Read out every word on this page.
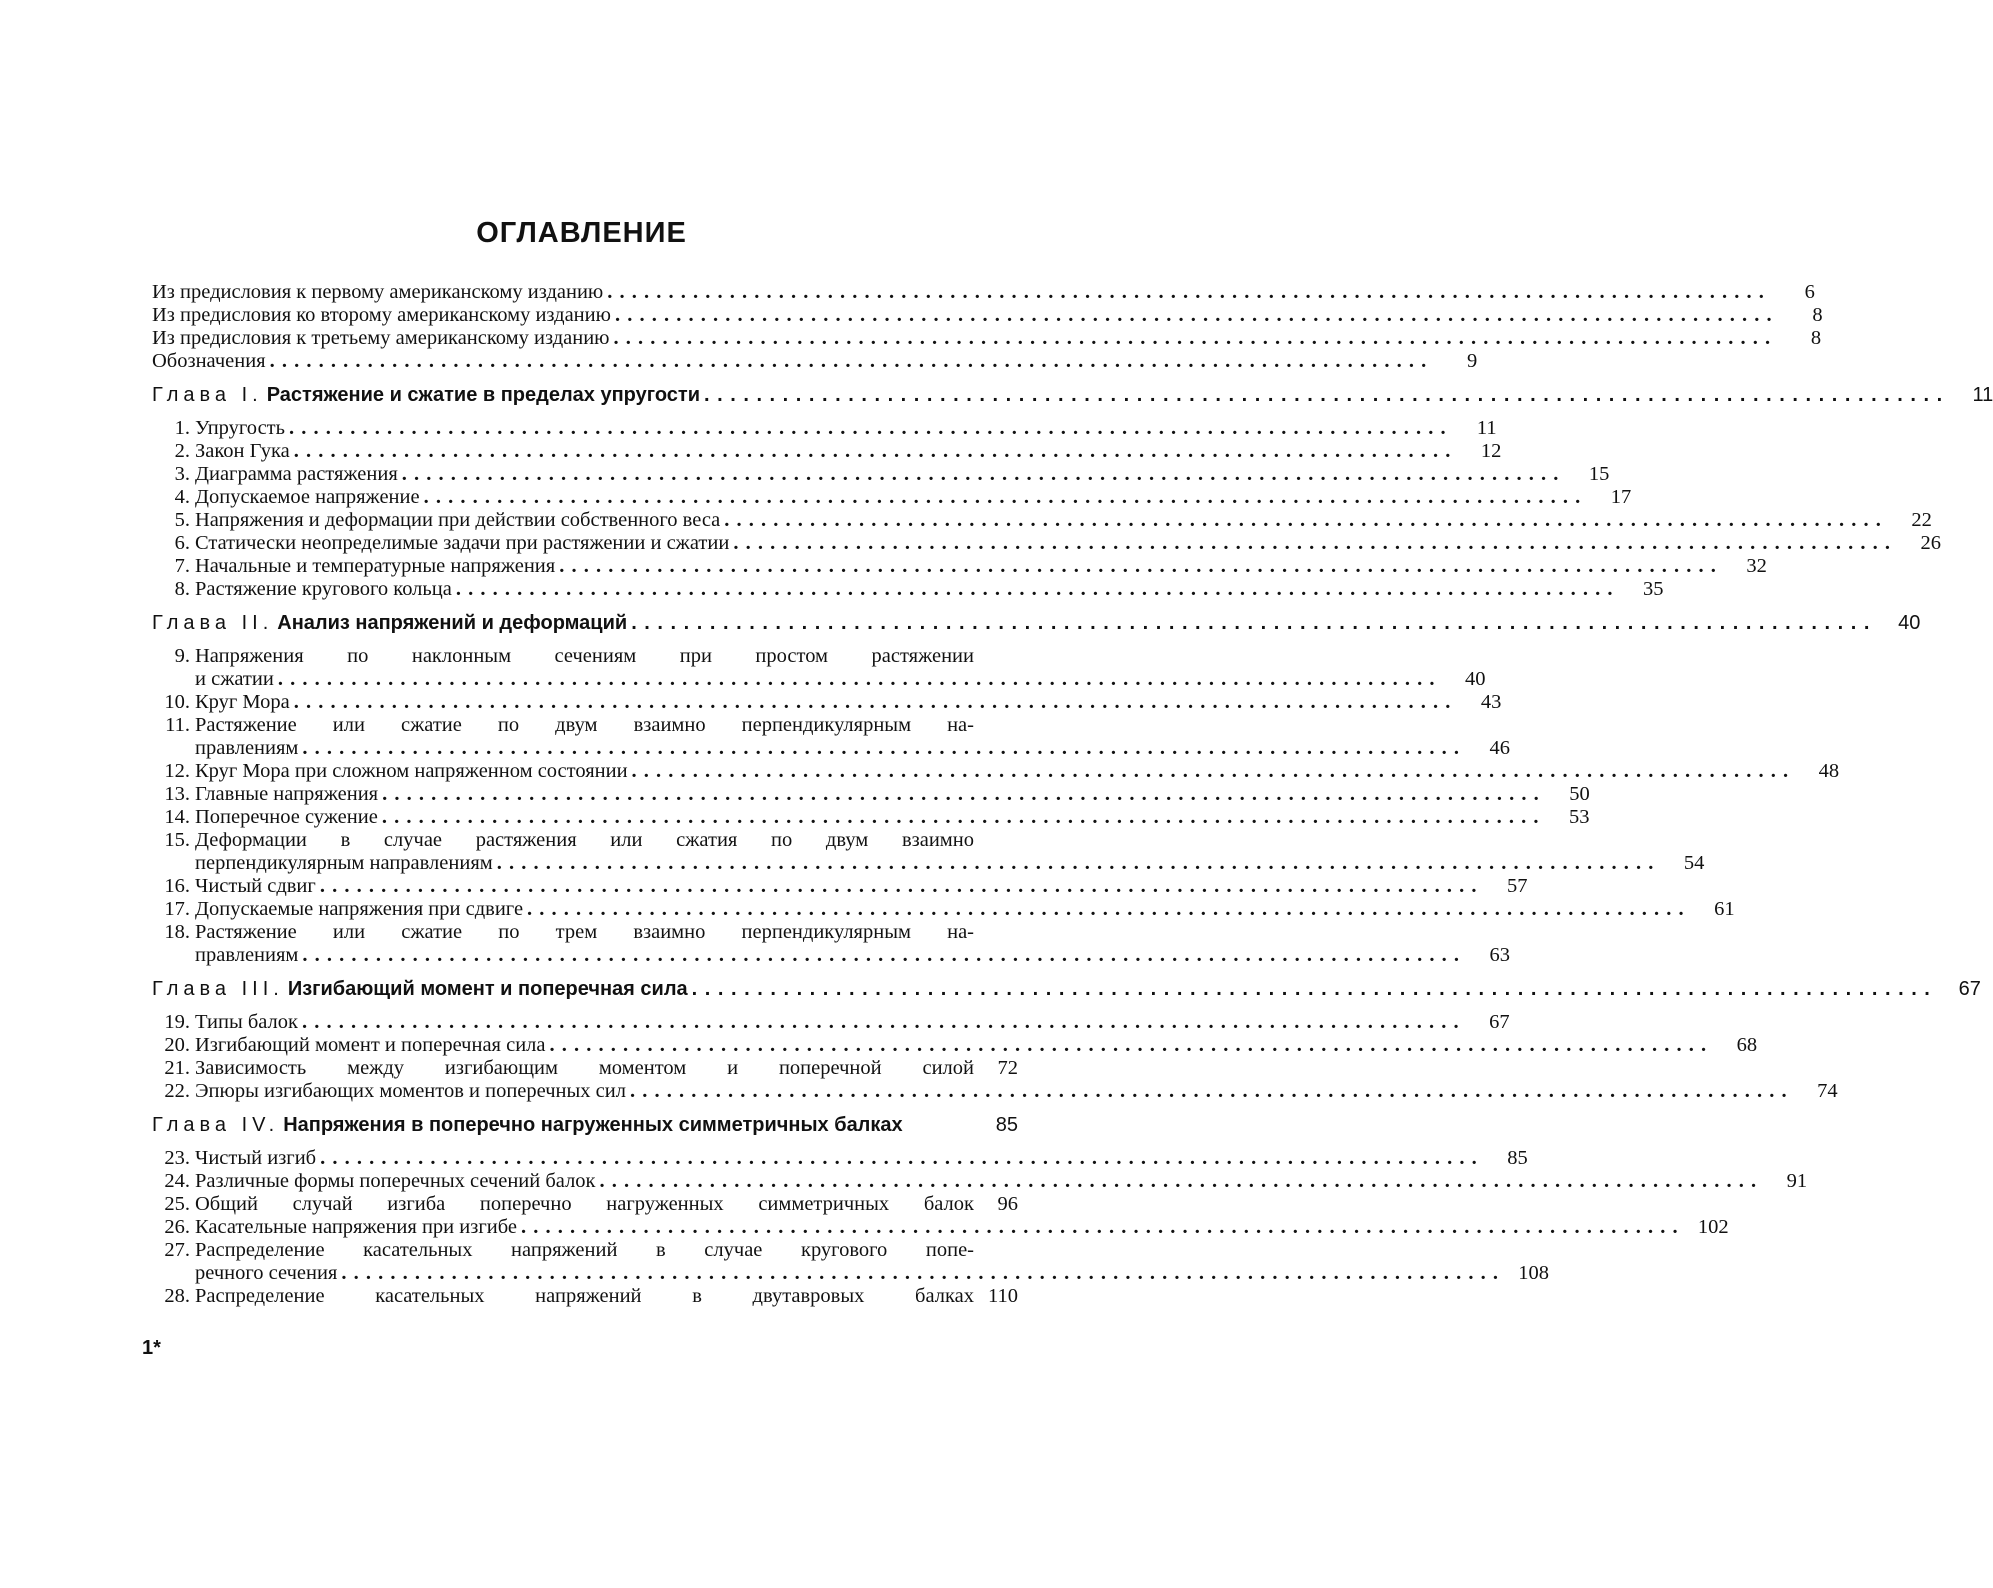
ОГЛАВЛЕНИЕ
Из предисловия к первому американскому изданию . . .	6
Из предисловия ко второму американскому изданию . . .	8
Из предисловия к третьему американскому изданию . . .	8
Обозначения . . .	9
Глава I. Растяжение и сжатие в пределах упругости . . .	11
1. Упругость . . .	11
2. Закон Гука . . .	12
3. Диаграмма растяжения . . .	15
4. Допускаемое напряжение . . .	17
5. Напряжения и деформации при действии собственного веса . . .	22
6. Статически неопределимые задачи при растяжении и сжатии . . .	26
7. Начальные и температурные напряжения . . .	32
8. Растяжение кругового кольца . . .	35
Глава II. Анализ напряжений и деформаций . . .	40
9. Напряжения по наклонным сечениям при простом растяжении
и сжатии . . .	40
10. Круг Мора . . .	43
11. Растяжение или сжатие по двум взаимно перпендикулярным на-
правлениям . . .	46
12. Круг Мора при сложном напряженном состоянии . . .	48
13. Главные напряжения . . .	50
14. Поперечное сужение . . .	53
15. Деформации в случае растяжения или сжатия по двум взаимно
перпендикулярным направлениям . . .	54
16. Чистый сдвиг . . .	57
17. Допускаемые напряжения при сдвиге . . .	61
18. Растяжение или сжатие по трем взаимно перпендикулярным на-
правлениям . . .	63
Глава III. Изгибающий момент и поперечная сила . . .	67
19. Типы балок . . .	67
20. Изгибающий момент и поперечная сила . . .	68
21. Зависимость между изгибающим моментом и поперечной силой	72
22. Эпюры изгибающих моментов и поперечных сил . . .	74
Глава IV. Напряжения в поперечно нагруженных симметричных балках	85
23. Чистый изгиб . . .	85
24. Различные формы поперечных сечений балок . . .	91
25. Общий случай изгиба поперечно нагруженных симметричных балок	96
26. Касательные напряжения при изгибе . . .	102
27. Распределение касательных напряжений в случае кругового попе-
речного сечения . . .	108
28. Распределение касательных напряжений в двутавровых балках 110
1*
